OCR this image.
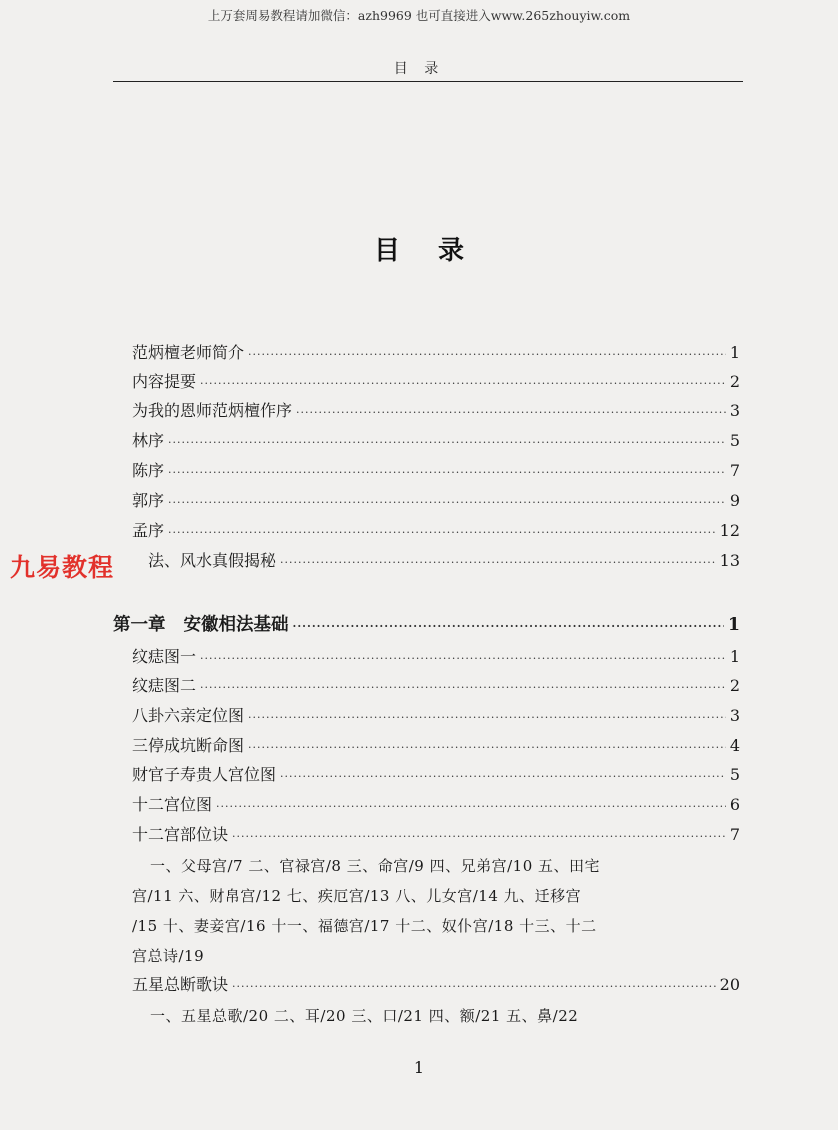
上万套周易教程请加微信：azh9969 也可直接进入www.265zhouyiw.com
目 录
目录
范炳檀老师简介 ·····	1
内容提要 ·····	2
为我的恩师范炳檀作序 ·····	3
林序 ·····	5
陈序 ·····	7
郭序 ·····	9
孟序 ·····	12
法、风水真假揭秘 ·····	13
第一章 安徽相法基础 ·····	1
纹痣图一 ·····	1
纹痣图二 ·····	2
八卦六亲定位图 ·····	3
三停成坑断命图 ·····	4
财官子寿贵人宫位图 ·····	5
十二宫位图 ·····	6
十二宫部位诀 ·····	7
一、父母宫/7 二、官禄宫/8 三、命宫/9 四、兄弟宫/10 五、田宅
宫/11 六、财帛宫/12 七、疾厄宫/13 八、儿女宫/14 九、迁移宫
/15 十、妻妾宫/16 十一、福德宫/17 十二、奴仆宫/18 十三、十二
宫总诗/19
五星总断歌诀 ·····	20
一、五星总歌/20 二、耳/20 三、口/21 四、额/21 五、鼻/22
九易教程
1
